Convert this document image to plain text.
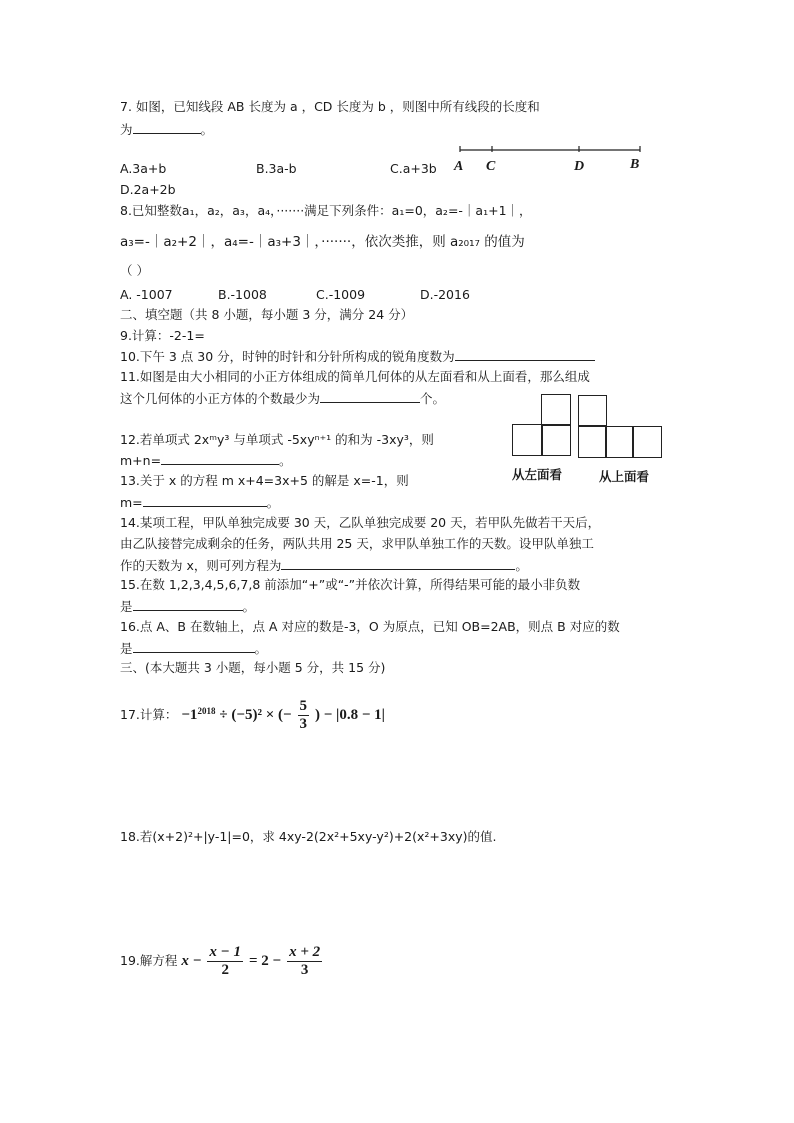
7. 如图，已知线段 AB 长度为 a ，CD 长度为 b ，则图中所有线段的长度和
为	。
A C	D	B
A.3a+b	B.3a-b	C.a+3b
D.2a+2b
8.已知整数a₁，a₂，a₃，a₄，·······满足下列条件：a₁=0，a₂=-｜a₁+1｜，
a₃=-｜a₂+2｜，a₄=-｜a₃+3｜，·······，依次类推，则 a₂₀₁₇ 的值为
（ ）
A. -1007	B.-1008	C.-1009	D.-2016
二、填空题（共 8 小题，每小题 3 分，满分 24 分）
9.计算：-2-1=
10.下午 3 点 30 分，时钟的时针和分针所构成的锐角度数为
11.如图是由大小相同的小正方体组成的简单几何体的从左面看和从上面看，那么组成
这个几何体的小正方体的个数最少为	个。
从左面看	从上面看
12.若单项式 2xᵐy³ 与单项式 -5xyⁿ⁺¹ 的和为 -3xy³，则
m+n=	。
13.关于 x 的方程 m x+4=3x+5 的解是 x=-1，则
m=	。
14.某项工程，甲队单独完成要 30 天，乙队单独完成要 20 天，若甲队先做若干天后，
由乙队接替完成剩余的任务，两队共用 25 天，求甲队单独工作的天数。设甲队单独工
作的天数为 x，则可列方程为	。
15.在数 1,2,3,4,5,6,7,8 前添加“+”或“-”并依次计算，所得结果可能的最小非负数
是	。
16.点 A、B 在数轴上，点 A 对应的数是-3，O 为原点，已知 OB=2AB，则点 B 对应的数
是	。
三、(本大题共 3 小题，每小题 5 分，共 15 分)
17.计算： $-1^{2018} \div (-5)^2$ × (− $\frac{5}{3}$ ) − |0.8 − 1|
18.若(x+2)²+|y-1|=0，求 4xy-2(2x²+5xy-y²)+2(x²+3xy)的值.
19.解方程 $x - \frac{x - 1}{2} = 2 - \frac{x + 2}{3}$
